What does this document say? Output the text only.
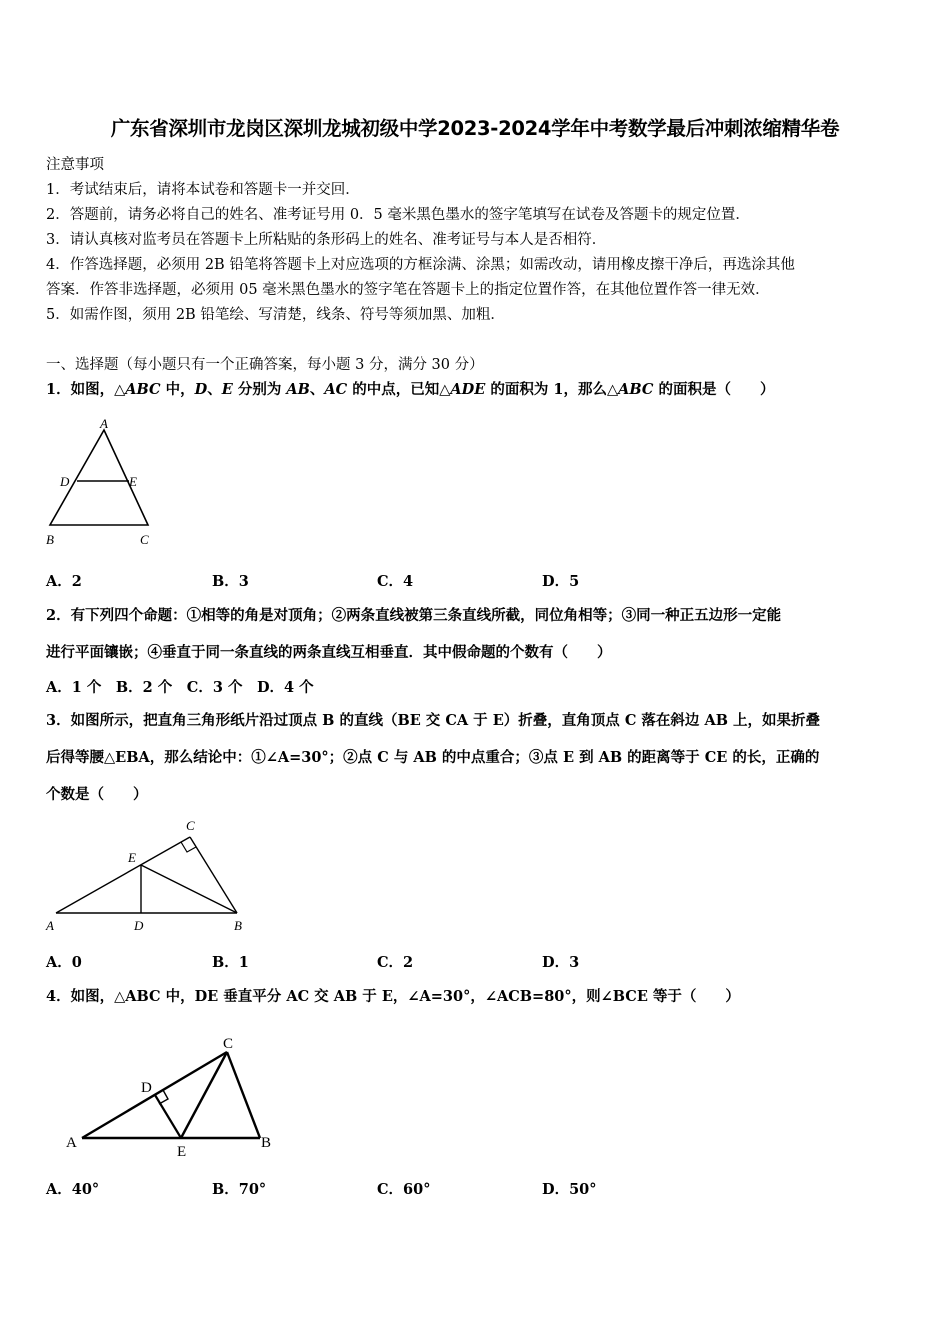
广东省深圳市龙岗区深圳龙城初级中学2023-2024学年中考数学最后冲刺浓缩精华卷
注意事项
1．考试结束后，请将本试卷和答题卡一并交回．
2．答题前，请务必将自己的姓名、准考证号用 0．5 毫米黑色墨水的签字笔填写在试卷及答题卡的规定位置．
3．请认真核对监考员在答题卡上所粘贴的条形码上的姓名、准考证号与本人是否相符．
4．作答选择题，必须用 2B 铅笔将答题卡上对应选项的方框涂满、涂黑；如需改动，请用橡皮擦干净后，再选涂其他
答案．作答非选择题，必须用 05 毫米黑色墨水的签字笔在答题卡上的指定位置作答，在其他位置作答一律无效．
5．如需作图，须用 2B 铅笔绘、写清楚，线条、符号等须加黑、加粗．
一、选择题（每小题只有一个正确答案，每小题 3 分，满分 30 分）
1．如图，△ABC 中，D、E 分别为 AB、AC 的中点，已知△ADE 的面积为 1，那么△ABC 的面积是（　　）
A
D	E
B	C
A．2	B．3	C．4	D．5
2．有下列四个命题：①相等的角是对顶角；②两条直线被第三条直线所截，同位角相等；③同一种正五边形一定能
进行平面镶嵌；④垂直于同一条直线的两条直线互相垂直．其中假命题的个数有（　　）
A．1 个　B．2 个　C．3 个　D．4 个
3．如图所示，把直角三角形纸片沿过顶点 B 的直线（BE 交 CA 于 E）折叠，直角顶点 C 落在斜边 AB 上，如果折叠
后得等腰△EBA，那么结论中：①∠A=30°；②点 C 与 AB 的中点重合；③点 E 到 AB 的距离等于 CE 的长，正确的
个数是（　　）
C
E
A	D	B
A．0	B．1	C．2	D．3
4．如图，△ABC 中，DE 垂直平分 AC 交 AB 于 E，∠A=30°，∠ACB=80°，则∠BCE 等于（　　）
C
D
A
E
B
A．40°	B．70°	C．60°	D．50°
